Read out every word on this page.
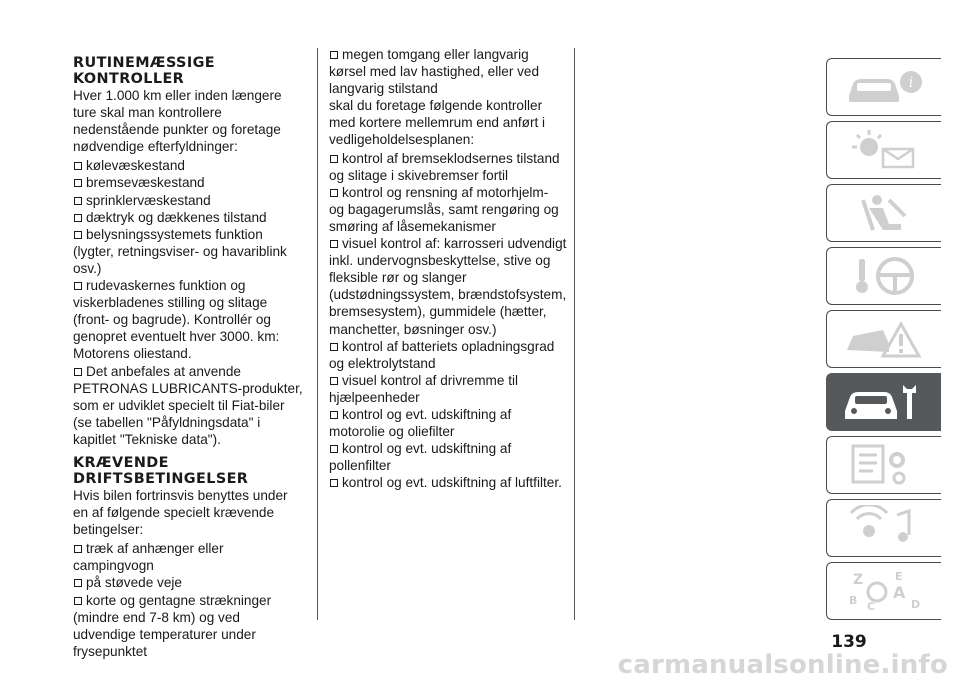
RUTINEMÆSSIGE KONTROLLER

Hver 1.000 km eller inden længere ture skal man kontrollere nedenstående punkter og foretage nødvendige efterfyldninger:

kølevæskestand
bremsevæskestand
sprinklervæskestand
dæktryk og dækkenes tilstand
belysningssystemets funktion (lygter, retningsviser- og havariblink osv.)
rudevaskernes funktion og viskerbladenes stilling og slitage (front- og bagrude). Kontrollér og genopret eventuelt hver 3000. km: Motorens oliestand.
Det anbefales at anvende PETRONAS LUBRICANTS-produkter, som er udviklet specielt til Fiat-biler (se tabellen "Påfyldningsdata" i kapitlet "Tekniske data").
KRÆVENDE DRIFTSBETINGELSER

Hvis bilen fortrinsvis benyttes under en af følgende specielt krævende betingelser:

træk af anhænger eller campingvogn
på støvede veje
korte og gentagne strækninger (mindre end 7-8 km) og ved udvendige temperaturer under frysepunktet
megen tomgang eller langvarig kørsel med lav hastighed, eller ved langvarig stilstand

skal du foretage følgende kontroller med kortere mellemrum end anført i vedligeholdelsesplanen:

kontrol af bremseklodsernes tilstand og slitage i skivebremser fortil
kontrol og rensning af motorhjelm- og bagagerumslås, samt rengøring og smøring af låsemekanismer
visuel kontrol af: karrosseri udvendigt inkl. undervognsbeskyttelse, stive og fleksible rør og slanger (udstødningssystem, brændstofsystem, bremsesystem), gummidele (hætter, manchetter, bøsninger osv.)
kontrol af batteriets opladningsgrad og elektrolytstand
visuel kontrol af drivremme til hjælpeenheder
kontrol og evt. udskiftning af motorolie og oliefilter
kontrol og evt. udskiftning af pollenfilter
kontrol og evt. udskiftning af luftfilter.
i
Z	E
B A
C	D
139
carmanualsonline.info
